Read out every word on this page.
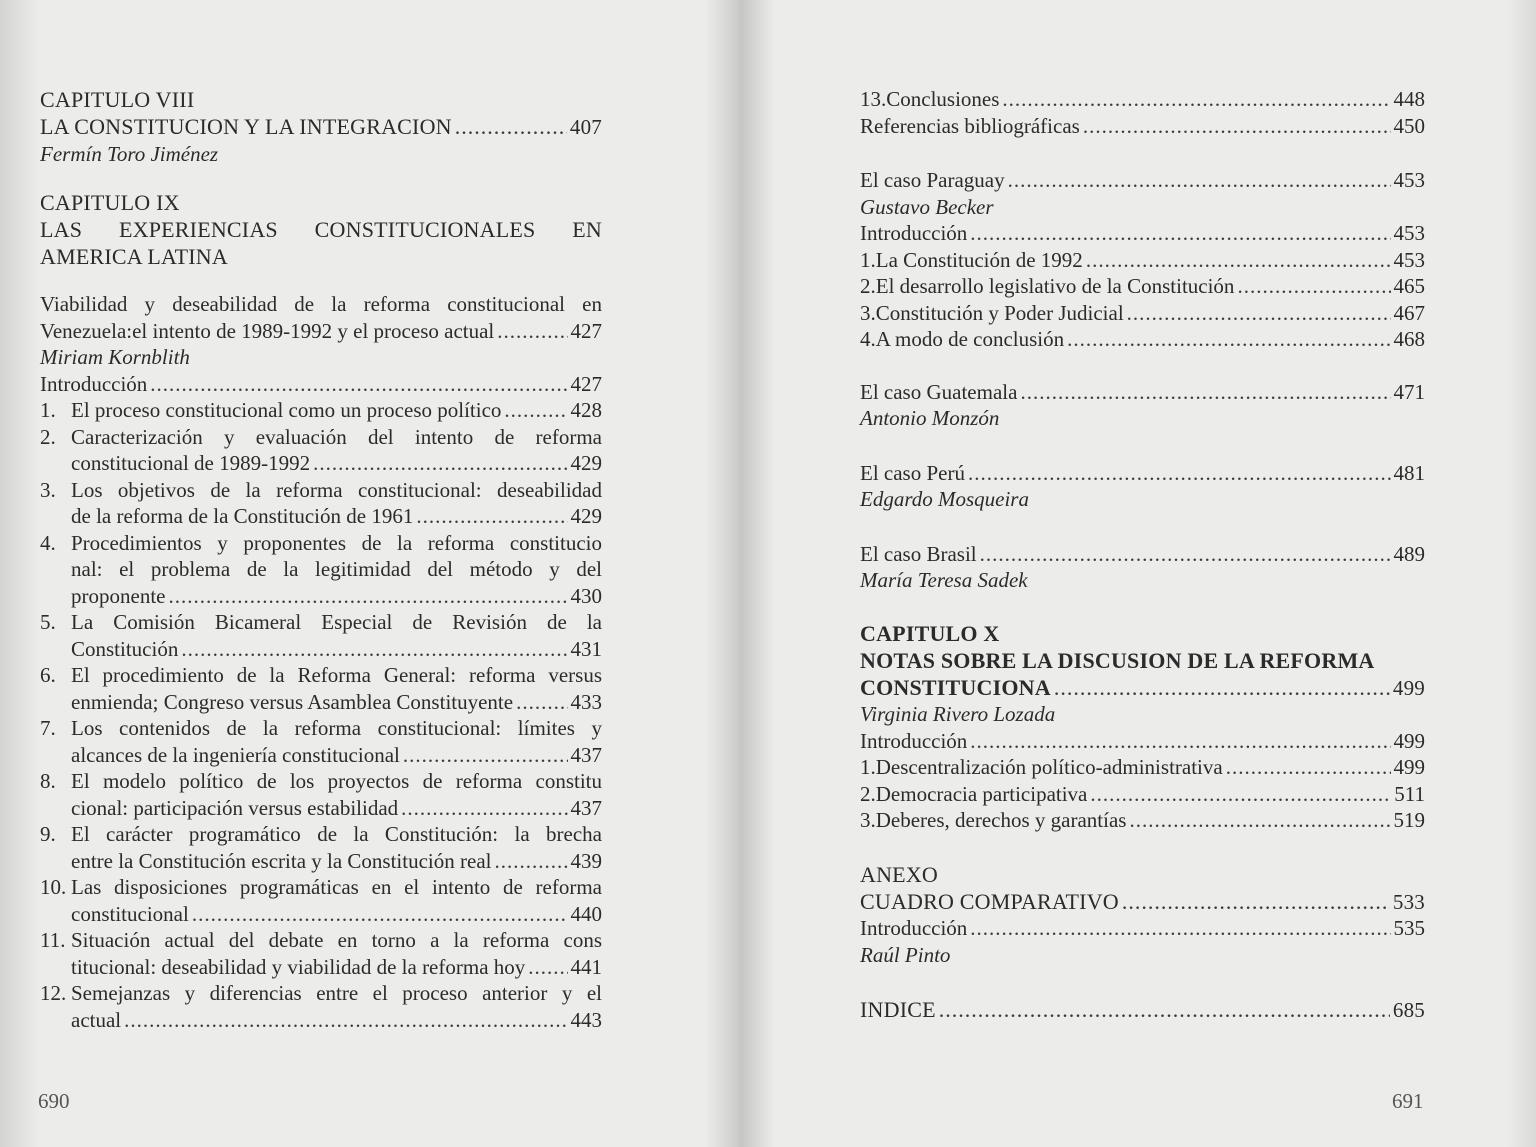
CAPITULO VIII
LA CONSTITUCION Y LA INTEGRACION .....	407
Fermín Toro Jiménez
CAPITULO IX
LAS EXPERIENCIAS CONSTITUCIONALES EN
AMERICA LATINA
Viabilidad y deseabilidad de la reforma constitucional en
Venezuela:el intento de 1989-1992 y el proceso actual .....	427
Miriam Kornblith
Introducción .....	427
1. El proceso constitucional como un proceso político .....	428
2. Caracterización y evaluación del intento de reforma
constitucional de 1989-1992 .....	429
3. Los objetivos de la reforma constitucional: deseabilidad
de la reforma de la Constitución de 1961 .....	429
4. Procedimientos y proponentes de la reforma constitucio
nal: el problema de la legitimidad del método y del
proponente .....	430
5. La Comisión Bicameral Especial de Revisión de la
Constitución .....	431
6. El procedimiento de la Reforma General: reforma versus
enmienda; Congreso versus Asamblea Constituyente .....	433
7. Los contenidos de la reforma constitucional: límites y
alcances de la ingeniería constitucional .....	437
8. El modelo político de los proyectos de reforma constitu
cional: participación versus estabilidad .....	437
9. El carácter programático de la Constitución: la brecha
entre la Constitución escrita y la Constitución real .....	439
10. Las disposiciones programáticas en el intento de reforma
constitucional .....	440
11. Situación actual del debate en torno a la reforma cons
titucional: deseabilidad y viabilidad de la reforma hoy ..... 441
12. Semejanzas y diferencias entre el proceso anterior y el
actual .....	443
690
13.Conclusiones .....	448
Referencias bibliográficas .....	450
El caso Paraguay .....	453
Gustavo Becker
Introducción .....	453
1. La Constitución de 1992 .....	453
2. El desarrollo legislativo de la Constitución .....	465
3. Constitución y Poder Judicial .....	467
4. A modo de conclusión .....	468
El caso Guatemala .....	471
Antonio Monzón
El caso Perú .....	481
Edgardo Mosqueira
El caso Brasil .....	489
María Teresa Sadek
CAPITULO X
NOTAS SOBRE LA DISCUSION DE LA REFORMA
CONSTITUCIONA .....	499
Virginia Rivero Lozada
Introducción .....	499
1. Descentralización político-administrativa .....	499
2. Democracia participativa .....	511
3. Deberes, derechos y garantías .....	519
ANEXO
CUADRO COMPARATIVO .....	533
Introducción .....	535
Raúl Pinto
INDICE .....	685
691
